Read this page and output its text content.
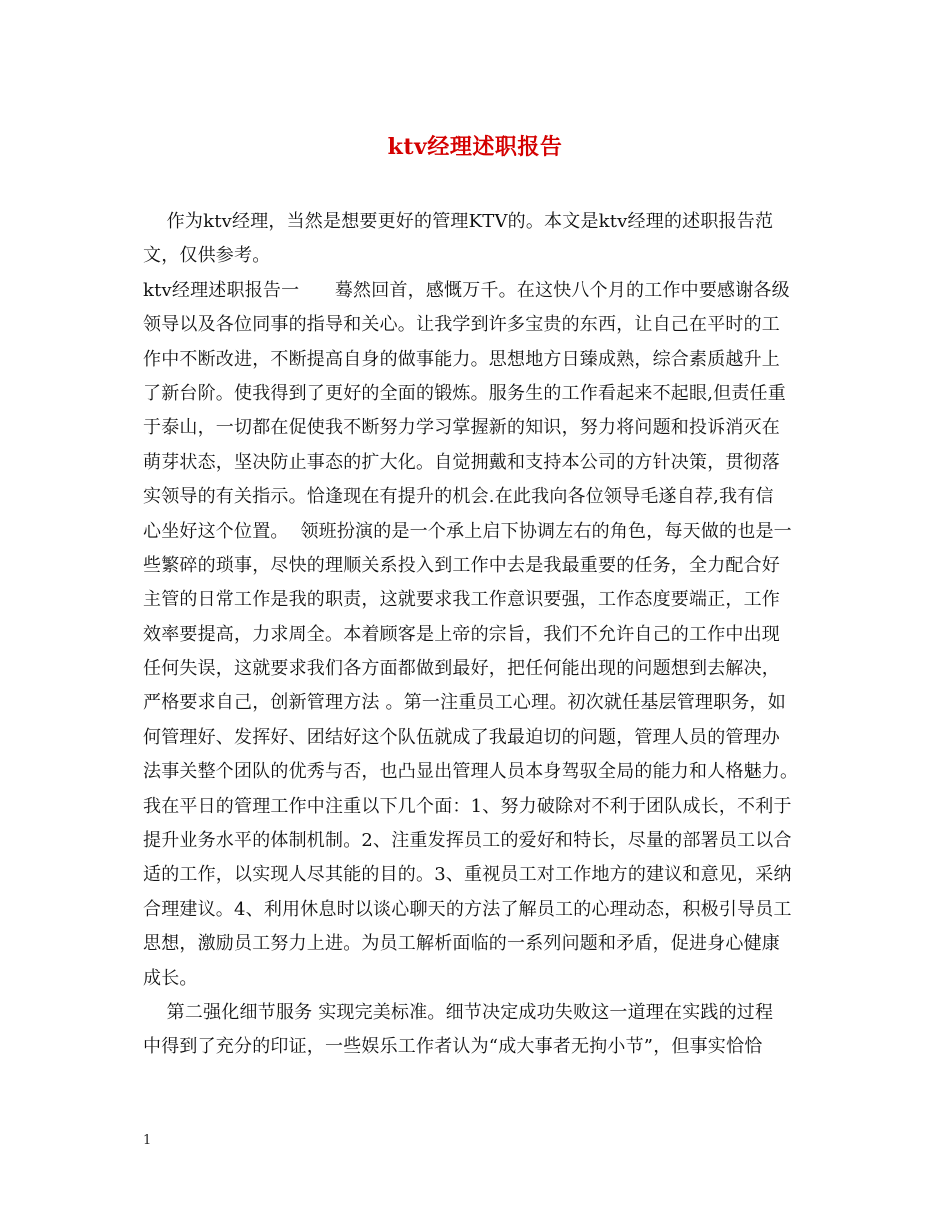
ktv经理述职报告
作为ktv经理，当然是想要更好的管理KTV的。本文是ktv经理的述职报告范
文，仅供参考。
ktv经理述职报告一      蓦然回首，感慨万千。在这快八个月的工作中要感谢各级
领导以及各位同事的指导和关心。让我学到许多宝贵的东西，让自己在平时的工
作中不断改进，不断提高自身的做事能力。思想地方日臻成熟，综合素质越升上
了新台阶。使我得到了更好的全面的锻炼。服务生的工作看起来不起眼,但责任重
于泰山，一切都在促使我不断努力学习掌握新的知识，努力将问题和投诉消灭在
萌芽状态，坚决防止事态的扩大化。自觉拥戴和支持本公司的方针决策，贯彻落
实领导的有关指示。恰逢现在有提升的机会.在此我向各位领导毛遂自荐,我有信
心坐好这个位置。  领班扮演的是一个承上启下协调左右的角色，每天做的也是一
些繁碎的琐事，尽快的理顺关系投入到工作中去是我最重要的任务，全力配合好
主管的日常工作是我的职责，这就要求我工作意识要强，工作态度要端正，工作
效率要提高，力求周全。本着顾客是上帝的宗旨，我们不允许自己的工作中出现
任何失误，这就要求我们各方面都做到最好，把任何能出现的问题想到去解决，
严格要求自己，创新管理方法 。第一注重员工心理。初次就任基层管理职务，如
何管理好、发挥好、团结好这个队伍就成了我最迫切的问题，管理人员的管理办
法事关整个团队的优秀与否，也凸显出管理人员本身驾驭全局的能力和人格魅力。
我在平日的管理工作中注重以下几个面：1、努力破除对不利于团队成长，不利于
提升业务水平的体制机制。2、注重发挥员工的爱好和特长，尽量的部署员工以合
适的工作，以实现人尽其能的目的。3、重视员工对工作地方的建议和意见，采纳
合理建议。4、利用休息时以谈心聊天的方法了解员工的心理动态，积极引导员工
思想，激励员工努力上进。为员工解析面临的一系列问题和矛盾，促进身心健康
成长。
第二强化细节服务 实现完美标准。细节决定成功失败这一道理在实践的过程
中得到了充分的印证，一些娱乐工作者认为“成大事者无拘小节”，但事实恰恰
1
